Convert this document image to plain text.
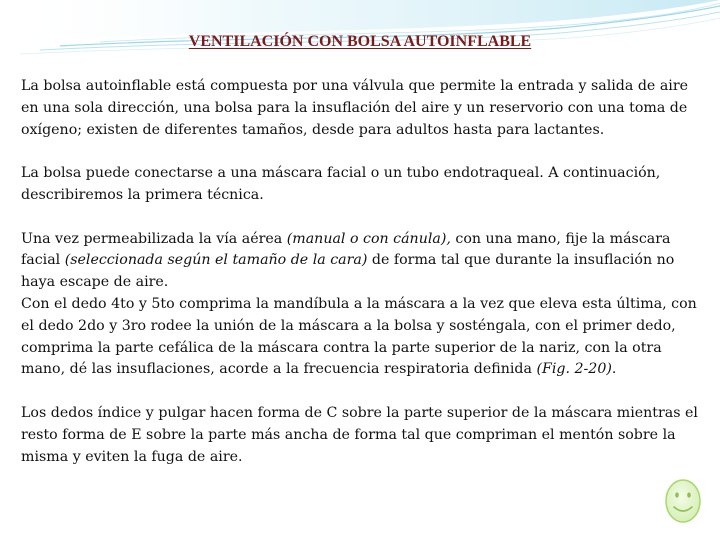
VENTILACIÓN CON BOLSA AUTOINFLABLE

La bolsa autoinflable está compuesta por una válvula que permite la entrada y salida de aire en una sola dirección, una bolsa para la insuflación del aire y un reservorio con una toma de oxígeno; existen de diferentes tamaños, desde para adultos hasta para lactantes.

La bolsa puede conectarse a una máscara facial o un tubo endotraqueal. A continuación, describiremos la primera técnica.

Una vez permeabilizada la vía aérea (manual o con cánula), con una mano, fije la máscara facial (seleccionada según el tamaño de la cara) de forma tal que durante la insuflación no haya escape de aire.

Con el dedo 4to y 5to comprima la mandíbula a la máscara a la vez que eleva esta última, con el dedo 2do y 3ro rodee la unión de la máscara a la bolsa y sosténgala, con el primer dedo, comprima la parte cefálica de la máscara contra la parte superior de la nariz, con la otra mano, dé las insuflaciones, acorde a la frecuencia respiratoria definida (Fig. 2-20).

Los dedos índice y pulgar hacen forma de C sobre la parte superior de la máscara mientras el resto forma de E sobre la parte más ancha de forma tal que compriman el mentón sobre la misma y eviten la fuga de aire.
